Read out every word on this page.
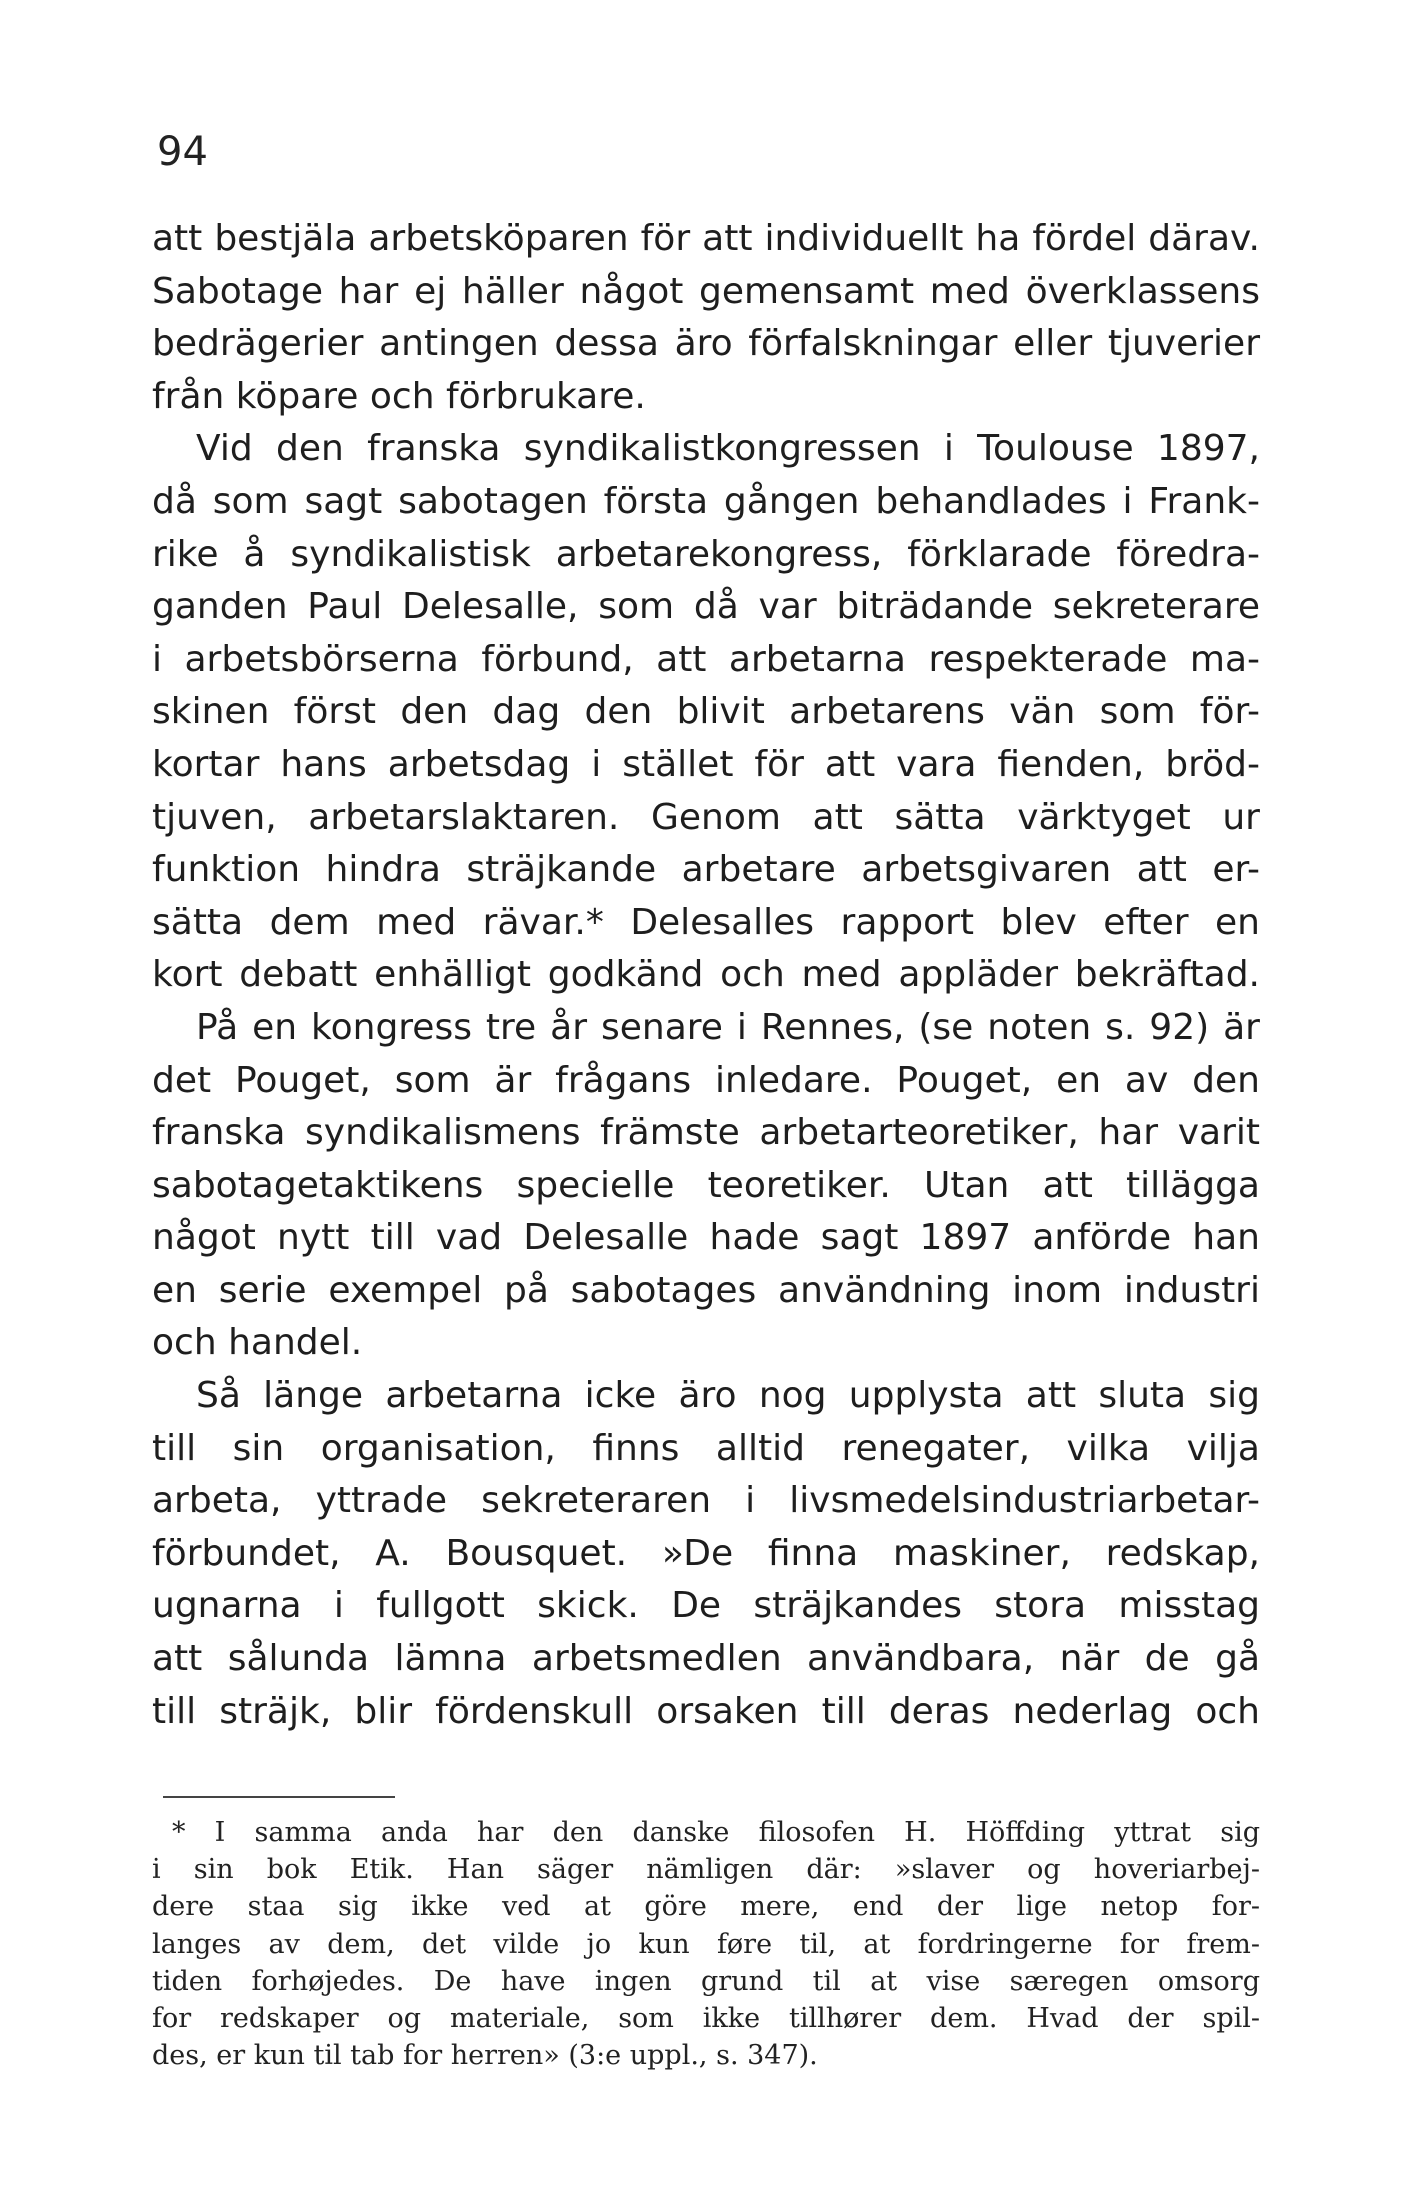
94
att bestjäla arbetsköparen för att individuellt ha fördel därav.
Sabotage har ej häller något gemensamt med överklassens
bedrägerier antingen dessa äro förfalskningar eller tjuverier
från köpare och förbrukare.
Vid den franska syndikalistkongressen i Toulouse 1897,
då som sagt sabotagen första gången behandlades i Frank-
rike å syndikalistisk arbetarekongress, förklarade föredra-
ganden Paul Delesalle, som då var biträdande sekreterare
i arbetsbörserna förbund, att arbetarna respekterade ma-
skinen först den dag den blivit arbetarens vän som för-
kortar hans arbetsdag i stället för att vara fienden, bröd-
tjuven, arbetarslaktaren. Genom att sätta värktyget ur
funktion hindra sträjkande arbetare arbetsgivaren att er-
sätta dem med rävar.* Delesalles rapport blev efter en
kort debatt enhälligt godkänd och med appläder bekräftad.
På en kongress tre år senare i Rennes, (se noten s. 92) är
det Pouget, som är frågans inledare. Pouget, en av den
franska syndikalismens främste arbetarteoretiker, har varit
sabotagetaktikens specielle teoretiker. Utan att tillägga
något nytt till vad Delesalle hade sagt 1897 anförde han
en serie exempel på sabotages användning inom industri
och handel.
Så länge arbetarna icke äro nog upplysta att sluta sig
till sin organisation, finns alltid renegater, vilka vilja
arbeta, yttrade sekreteraren i livsmedelsindustriarbetar-
förbundet, A. Bousquet. »De finna maskiner, redskap,
ugnarna i fullgott skick. De sträjkandes stora misstag
att sålunda lämna arbetsmedlen användbara, när de gå
till sträjk, blir fördenskull orsaken till deras nederlag och
* I samma anda har den danske filosofen H. Höffding yttrat sig
i sin bok Etik. Han säger nämligen där: »slaver og hoveriarbej-
dere staa sig ikke ved at göre mere, end der lige netop for-
langes av dem, det vilde jo kun føre til, at fordringerne for frem-
tiden forhøjedes. De have ingen grund til at vise særegen omsorg
for redskaper og materiale, som ikke tillhører dem. Hvad der spil-
des, er kun til tab for herren» (3:e uppl., s. 347).
